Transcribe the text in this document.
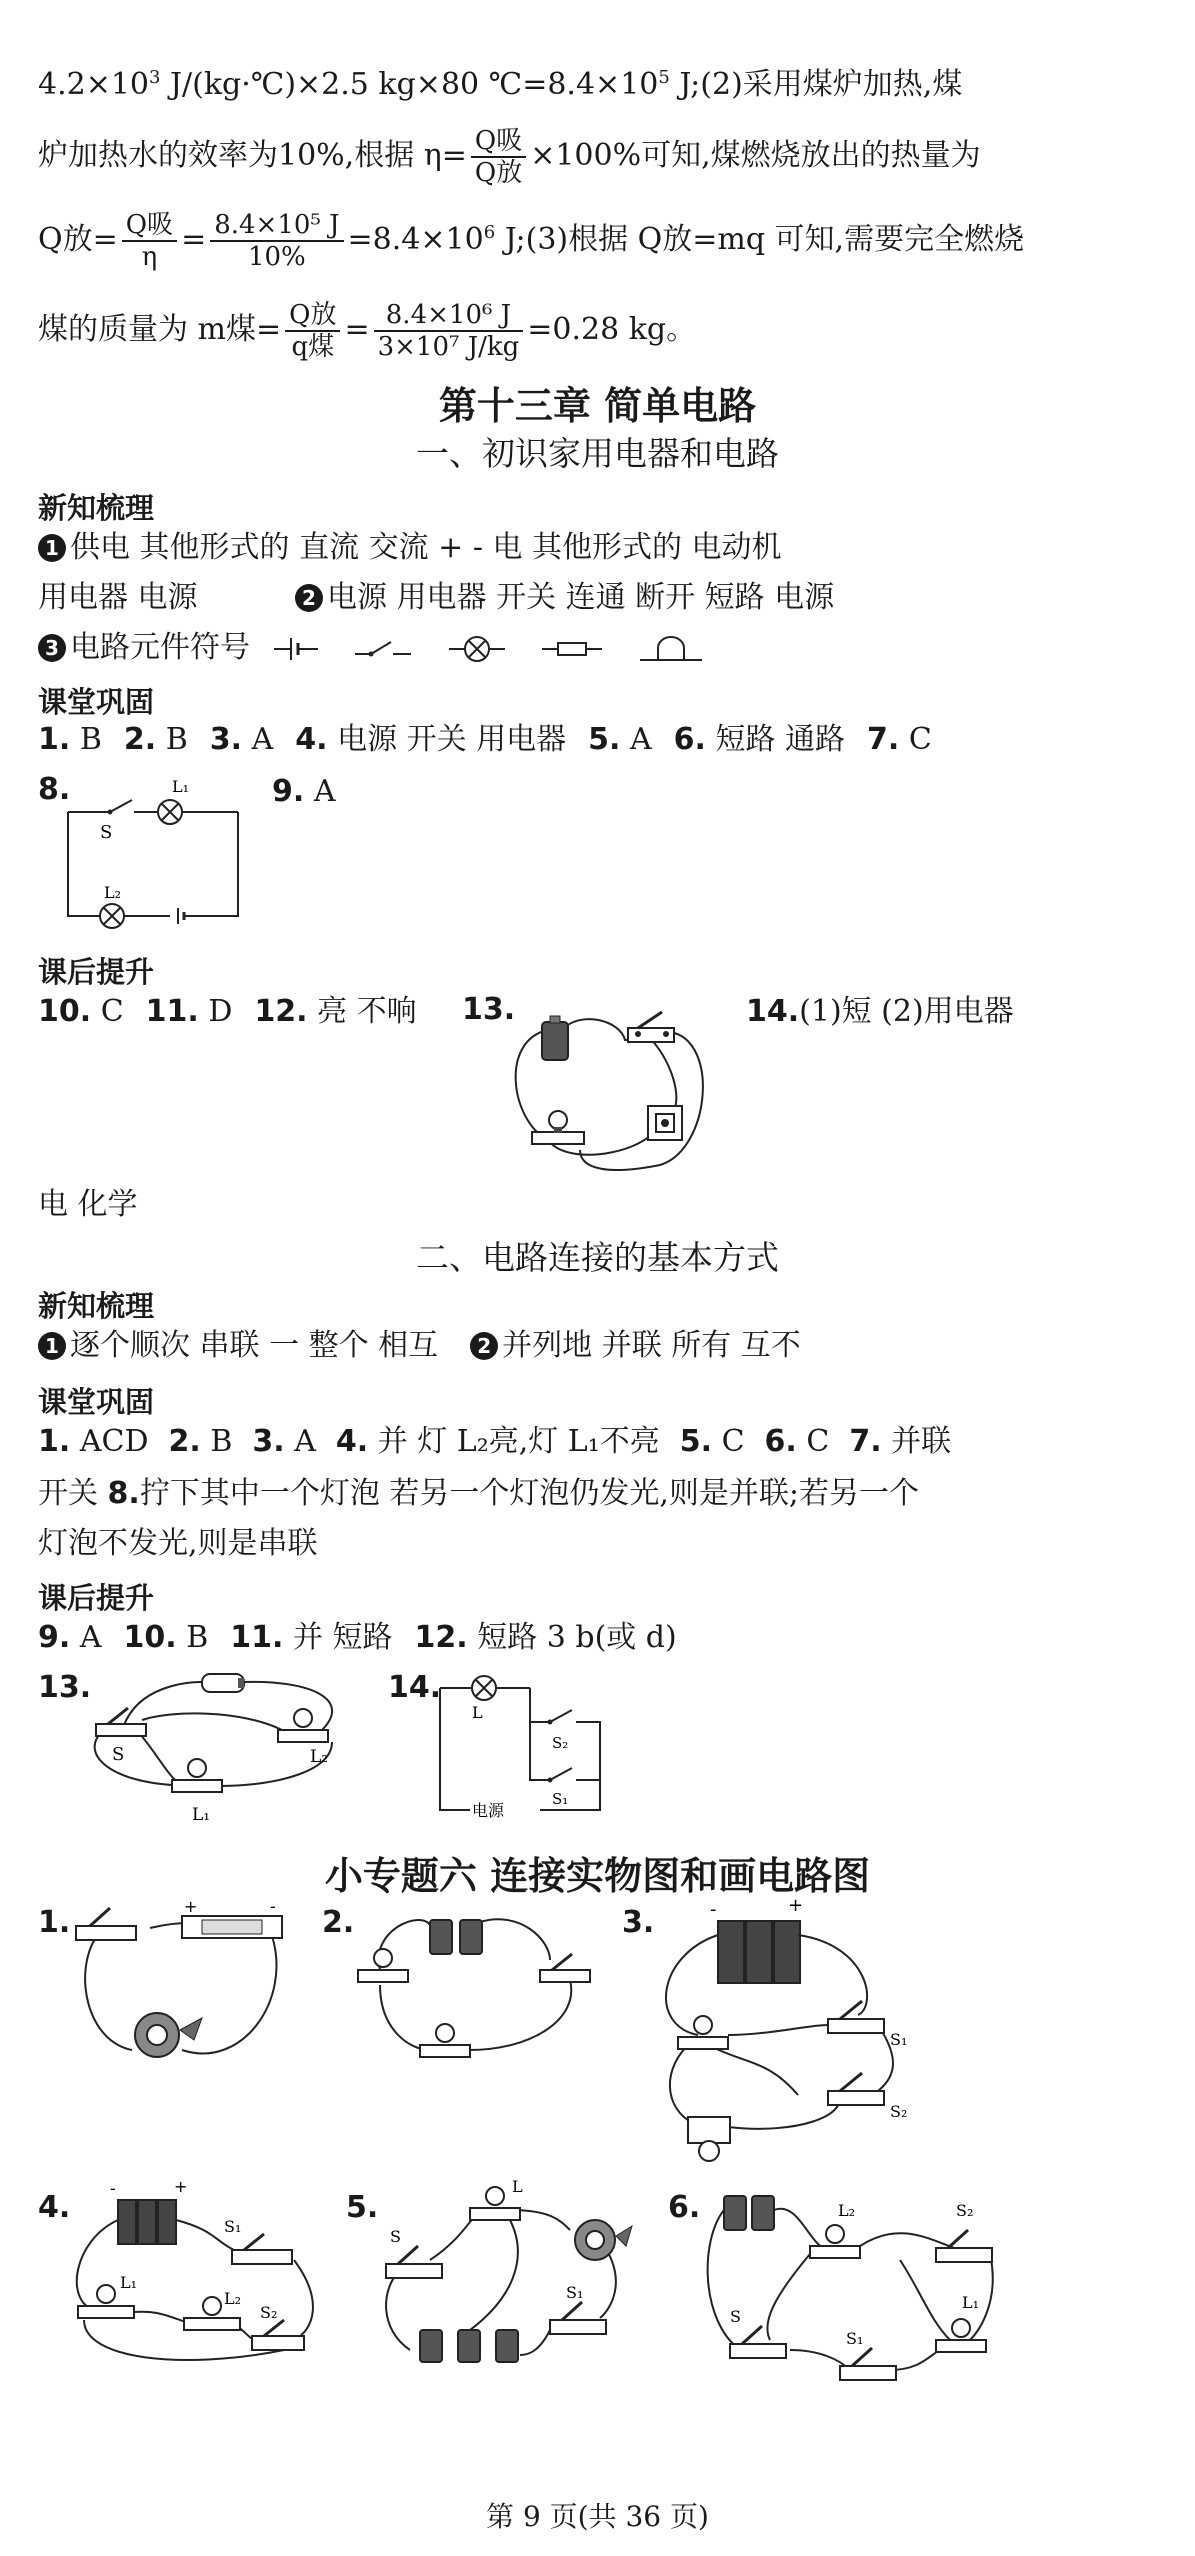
$4.2\times 10^3$ J/(kg·℃)×2.5 kg×80 $℃=8.4\times 10^5$ J;(2)采用煤炉加热,煤
炉加热水的效率为10%,根据 $\eta= \frac{\text{Q吸}}{\text{Q放}} \times 100\%$可知,煤燃烧放出的热量为
Q放= $\frac{\text{Q吸}}{\eta} = \frac{\text{8.4×10⁵ J}}{10\%} =8.4\times 10^6$ J;(3)根据 Q放=mq 可知,需要完全燃烧
煤的质量为 m煤= $\frac{\text{Q放}}{\text{q煤}} = \frac{\text{8.4×10⁶ J}}{\text{3×10⁷ J/kg}} =0.28$ kg。
第十三章 简单电路
一、初识家用电器和电路
新知梳理
1 供电 其他形式的 直流 交流 + - 电 其他形式的 电动机
用电器 电源	2 电源 用电器 开关 连通 断开 短路 电源
3 电路元件符号
课堂巩固
1. B 2. B 3. A 4. 电源 开关 用电器 5. A 6. 短路 通路 7. C
8.
S
L₁
L₂
9. A
课后提升
10. C 11. D 12. 亮 不响 13.	14.(1)短 (2)用电器
电 化学
二、电路连接的基本方式
新知梳理
1 逐个顺次 串联 一 整个 相互 2 并列地 并联 所有 互不
课堂巩固
1. ACD 2. B 3. A 4. 并 灯 L₂亮,灯 L₁不亮 5. C 6. C 7. 并联
开关 8.拧下其中一个灯泡 若另一个灯泡仍发光,则是并联;若另一个
灯泡不发光,则是串联
课后提升
9. A 10. B 11. 并 短路 12. 短路 3 b(或 d)
13.
S
L₁
L₂
14.
L
S₂
S₁
电源
小专题六 连接实物图和画电路图
1.	+	- 2.	3.	-	+
S₁
S₂
4.
-	+
S₁
L₁
L₂
S₂
5.
S
L
S₁
6.	L₂	S₂
S
S₁
L₁
第 9 页(共 36 页)
